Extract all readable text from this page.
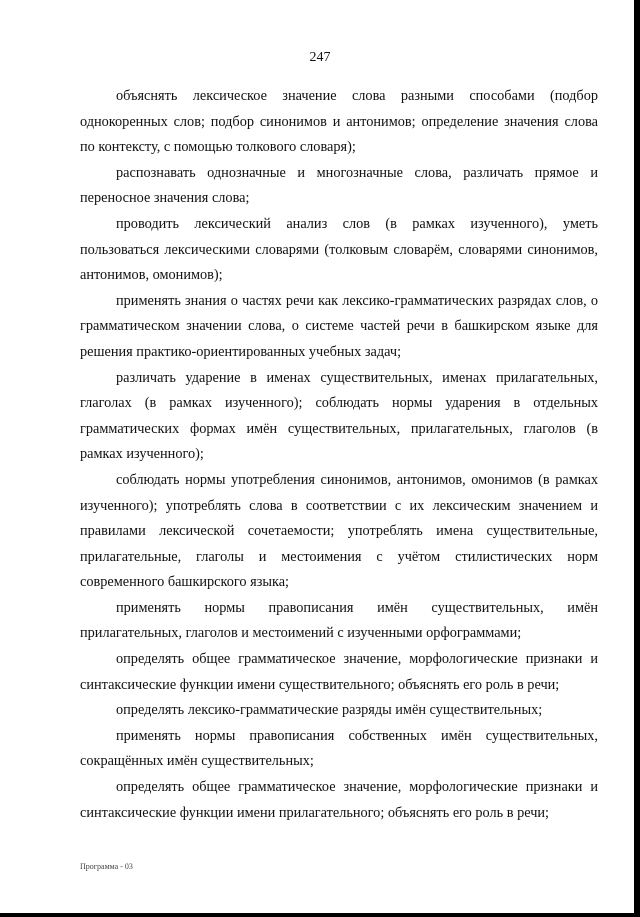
247

объяснять лексическое значение слова разными способами (подбор однокоренных слов; подбор синонимов и антонимов; определение значения слова по контексту, с помощью толкового словаря);

распознавать однозначные и многозначные слова, различать прямое и переносное значения слова;

проводить лексический анализ слов (в рамках изученного), уметь пользоваться лексическими словарями (толковым словарём, словарями синонимов, антонимов, омонимов);

применять знания о частях речи как лексико-грамматических разрядах слов, о грамматическом значении слова, о системе частей речи в башкирском языке для решения практико-ориентированных учебных задач;

различать ударение в именах существительных, именах прилагательных, глаголах (в рамках изученного); соблюдать нормы ударения в отдельных грамматических формах имён существительных, прилагательных, глаголов (в рамках изученного);

соблюдать нормы употребления синонимов, антонимов, омонимов (в рамках изученного); употреблять слова в соответствии с их лексическим значением и правилами лексической сочетаемости; употреблять имена существительные, прилагательные, глаголы и местоимения с учётом стилистических норм современного башкирского языка;

применять нормы правописания имён существительных, имён прилагательных, глаголов и местоимений с изученными орфограммами;

определять общее грамматическое значение, морфологические признаки и синтаксические функции имени существительного; объяснять его роль в речи;

определять лексико-грамматические разряды имён существительных;

применять нормы правописания собственных имён существительных, сокращённых имён существительных;

определять общее грамматическое значение, морфологические признаки и синтаксические функции имени прилагательного; объяснять его роль в речи;

Программа - 03
